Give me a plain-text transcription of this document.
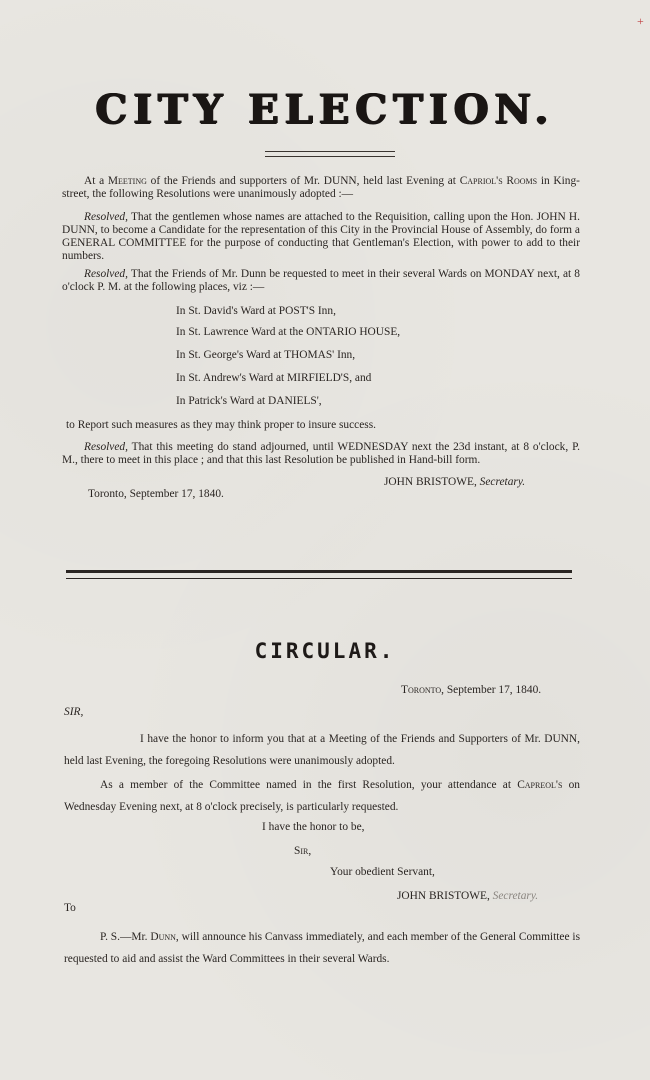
+
CITY ELECTION.
At a Meeting of the Friends and supporters of Mr. DUNN, held last Evening at Capriol's Rooms in King-street, the following Resolutions were unanimously adopted :—
Resolved, That the gentlemen whose names are attached to the Requisition, calling upon the Hon. JOHN H. DUNN, to become a Candidate for the representation of this City in the Provincial House of Assembly, do form a GENERAL COMMITTEE for the purpose of conducting that Gentleman's Election, with power to add to their numbers.
Resolved, That the Friends of Mr. Dunn be requested to meet in their several Wards on MONDAY next, at 8 o'clock P. M. at the following places, viz :—
In St. David's Ward at POST'S Inn,
In St. Lawrence Ward at the ONTARIO HOUSE,
In St. George's Ward at THOMAS' Inn,
In St. Andrew's Ward at MIRFIELD'S, and
In Patrick's Ward at DANIELS',
to Report such measures as they may think proper to insure success.
Resolved, That this meeting do stand adjourned, until WEDNESDAY next the 23d instant, at 8 o'clock, P. M., there to meet in this place ; and that this last Resolution be published in Hand-bill form.
JOHN BRISTOWE, Secretary.
Toronto, September 17, 1840.
CIRCULAR.
Toronto, September 17, 1840.
SIR,
I have the honor to inform you that at a Meeting of the Friends and Supporters of Mr. DUNN, held last Evening, the foregoing Resolutions were unanimously adopted.
As a member of the Committee named in the first Resolution, your attendance at Capreol's on Wednesday Evening next, at 8 o'clock precisely, is particularly requested.
I have the honor to be,
Sir,
Your obedient Servant,
JOHN BRISTOWE, Secretary.
To
P. S.—Mr. Dunn, will announce his Canvass immediately, and each member of the General Committee is requested to aid and assist the Ward Committees in their several Wards.
